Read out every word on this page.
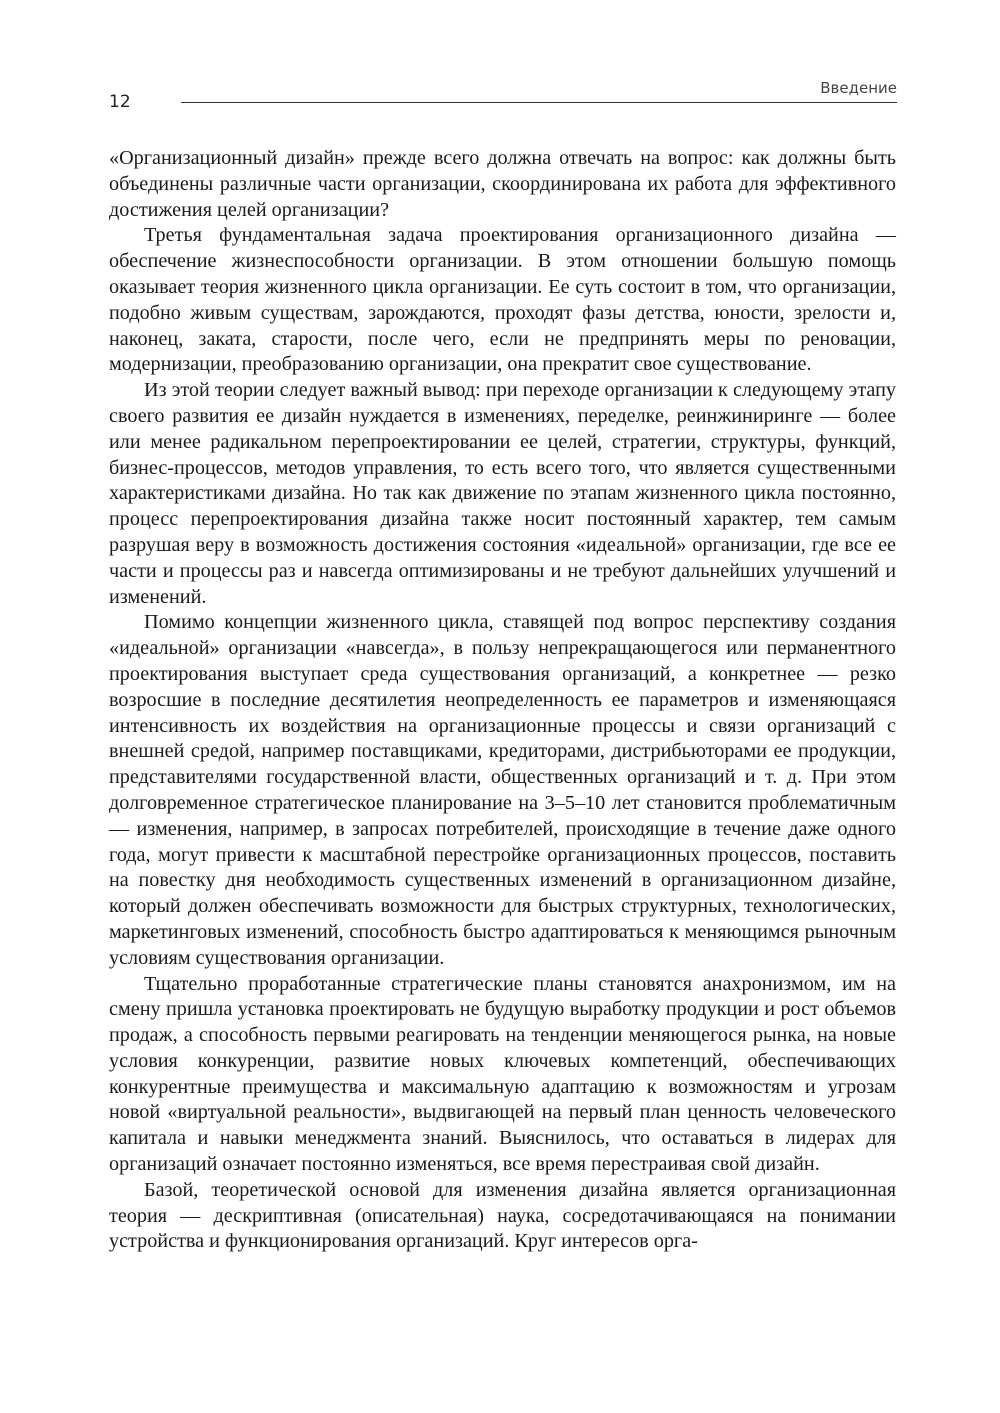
12
Введение

«Организационный дизайн» прежде всего должна отвечать на вопрос: как должны быть объединены различные части организации, скоординирована их работа для эффективного достижения целей организации?

Третья фундаментальная задача проектирования организационного дизайна — обеспечение жизнеспособности организации. В этом отношении большую помощь оказывает теория жизненного цикла организации. Ее суть состоит в том, что организации, подобно живым существам, зарождаются, проходят фазы детства, юности, зрелости и, наконец, заката, старости, после чего, если не предпринять меры по реновации, модернизации, преобразованию организации, она прекратит свое существование.

Из этой теории следует важный вывод: при переходе организации к следующему этапу своего развития ее дизайн нуждается в изменениях, переделке, реинжиниринге — более или менее радикальном перепроектировании ее целей, стратегии, структуры, функций, бизнес-процессов, методов управления, то есть всего того, что является существенными характеристиками дизайна. Но так как движение по этапам жизненного цикла постоянно, процесс перепроектирования дизайна также носит постоянный характер, тем самым разрушая веру в возможность достижения состояния «идеальной» организации, где все ее части и процессы раз и навсегда оптимизированы и не требуют дальнейших улучшений и изменений.

Помимо концепции жизненного цикла, ставящей под вопрос перспективу создания «идеальной» организации «навсегда», в пользу непрекращающегося или перманентного проектирования выступает среда существования организаций, а конкретнее — резко возросшие в последние десятилетия неопределенность ее параметров и изменяющаяся интенсивность их воздействия на организационные процессы и связи организаций с внешней средой, например поставщиками, кредиторами, дистрибьюторами ее продукции, представителями государственной власти, общественных организаций и т. д. При этом долговременное стратегическое планирование на 3–5–10 лет становится проблематичным — изменения, например, в запросах потребителей, происходящие в течение даже одного года, могут привести к масштабной перестройке организационных процессов, поставить на повестку дня необходимость существенных изменений в организационном дизайне, который должен обеспечивать возможности для быстрых структурных, технологических, маркетинговых изменений, способность быстро адаптироваться к меняющимся рыночным условиям существования организации.

Тщательно проработанные стратегические планы становятся анахронизмом, им на смену пришла установка проектировать не будущую выработку продукции и рост объемов продаж, а способность первыми реагировать на тенденции меняющегося рынка, на новые условия конкуренции, развитие новых ключевых компетенций, обеспечивающих конкурентные преимущества и максимальную адаптацию к возможностям и угрозам новой «виртуальной реальности», выдвигающей на первый план ценность человеческого капитала и навыки менеджмента знаний. Выяснилось, что оставаться в лидерах для организаций означает постоянно изменяться, все время перестраивая свой дизайн.

Базой, теоретической основой для изменения дизайна является организационная теория — дескриптивная (описательная) наука, сосредотачивающаяся на понимании устройства и функционирования организаций. Круг интересов орга-
